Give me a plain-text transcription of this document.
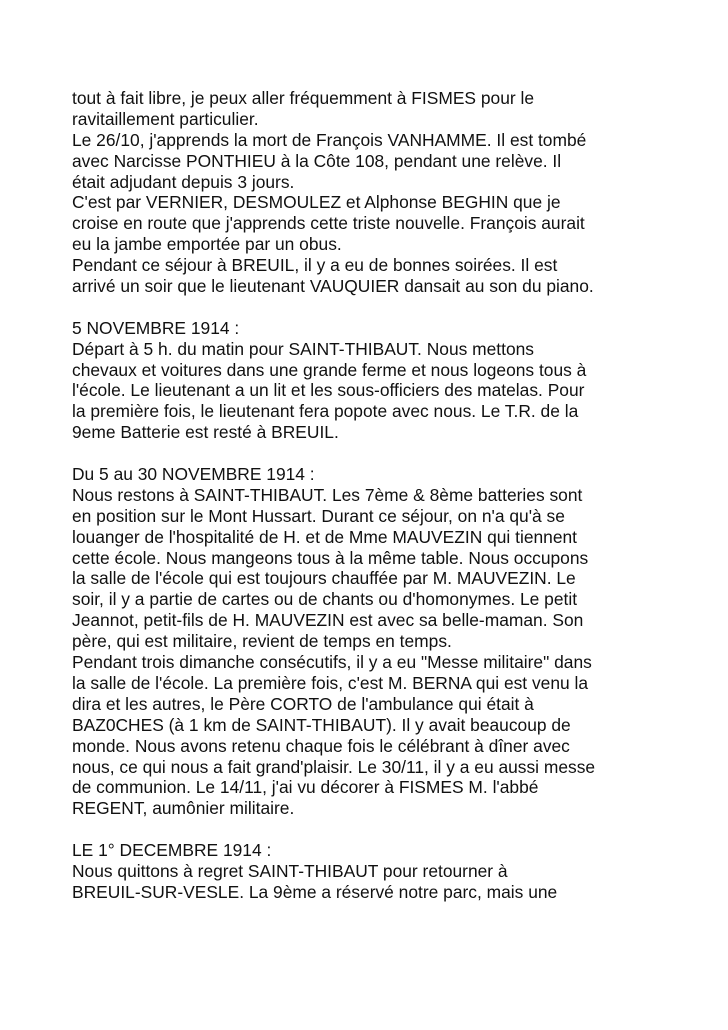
tout à fait libre, je peux aller fréquemment à FISMES pour le
ravitaillement particulier.
Le 26/10, j'apprends la mort de François VANHAMME. Il est tombé
avec Narcisse PONTHIEU à la Côte 108, pendant une relève. Il
était adjudant depuis 3 jours.
C'est par VERNIER, DESMOULEZ et Alphonse BEGHIN que je
croise en route que j'apprends cette triste nouvelle. François aurait
eu la jambe emportée par un obus.
Pendant ce séjour à BREUIL, il y a eu de bonnes soirées. Il est
arrivé un soir que le lieutenant VAUQUIER dansait au son du piano.
5 NOVEMBRE 1914 :
Départ à 5 h. du matin pour SAINT-THIBAUT. Nous mettons
chevaux et voitures dans une grande ferme et nous logeons tous à
l'école. Le lieutenant a un lit et les sous-officiers des matelas. Pour
la première fois, le lieutenant fera popote avec nous. Le T.R. de la
9eme Batterie est resté à BREUIL.
Du 5 au 30 NOVEMBRE 1914 :
Nous restons à SAINT-THIBAUT. Les 7ème & 8ème batteries sont
en position sur le Mont Hussart. Durant ce séjour, on n'a qu'à se
louanger de l'hospitalité de H. et de Mme MAUVEZIN qui tiennent
cette école. Nous mangeons tous à la même table. Nous occupons
la salle de l'école qui est toujours chauffée par M. MAUVEZIN. Le
soir, il y a partie de cartes ou de chants ou d'homonymes. Le petit
Jeannot, petit-fils de H. MAUVEZIN est avec sa belle-maman. Son
père, qui est militaire, revient de temps en temps.
Pendant trois dimanche consécutifs, il y a eu "Messe militaire" dans
la salle de l'école. La première fois, c'est M. BERNA qui est venu la
dira et les autres, le Père CORTO de l'ambulance qui était à
BAZ0CHES (à 1 km de SAINT-THIBAUT). Il y avait beaucoup de
monde. Nous avons retenu chaque fois le célébrant à dîner avec
nous, ce qui nous a fait grand'plaisir. Le 30/11, il y a eu aussi messe
de communion. Le 14/11, j'ai vu décorer à FISMES M. l'abbé
REGENT, aumônier militaire.
LE 1° DECEMBRE 1914 :
Nous quittons à regret SAINT-THIBAUT pour retourner à
BREUIL-SUR-VESLE. La 9ème a réservé notre parc, mais une
